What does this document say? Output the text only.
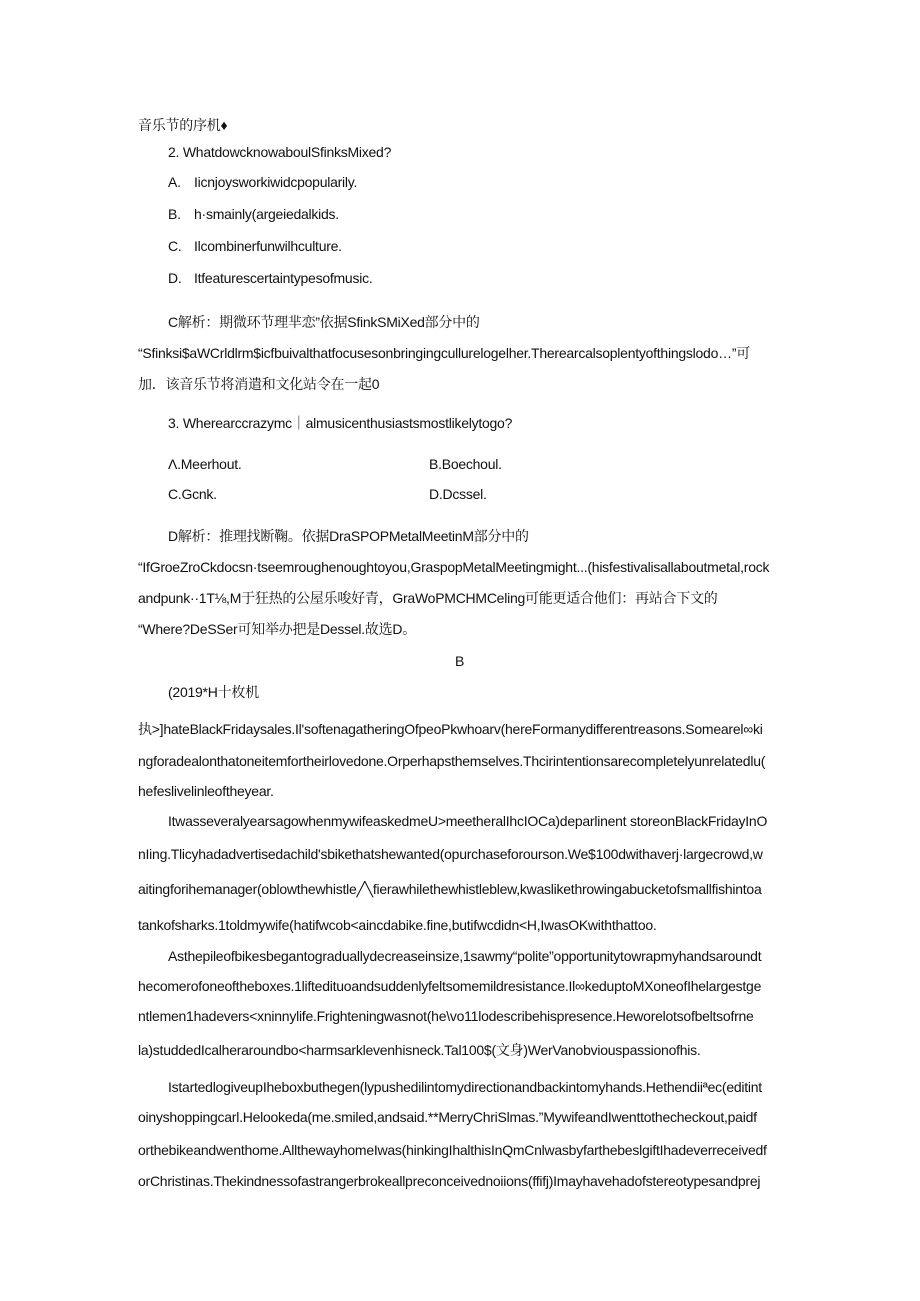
音乐节的序机♦
2. WhatdowcknowaboulSfinksMixed?
A. Iicnjoysworkiwidcpopularily.
B. h·smainly(argeiedalkids.
C. Ilcombinerfunwilhculture.
D. Itfeaturescertaintypesofmusic.
C解析：期微环节理芈恋”依据SfinkSMiXed部分中的
“Sfinksi$aWCrldlrm$icfbuivalthatfocusesonbringingcullurelogelher.Therearcalsoplentyofthingslodo…”可
加．该音乐节将消遣和文化站令在一起0
3. Wherearccrazymc｜almusicenthusiastsmostlikelytogo?
Λ.Meerhout.	B.Boechoul.
C.Gcnk.	D.Dcssel.
D解析：推理找断鞠。依据DraSPOPMetalMeetinM部分中的
“IfGroeZroCkdocsn·tseemroughenoughtoyou,GraspopMetalMeetingmight...(hisfestivalisallaboutmetal,rock
andpunk··1T⅛,M于狂热的公屋乐唆好青，GraWoPMCHMCeling可能更适合他们：再站合下文的
“Where?DeSSer可知举办把是Dessel.故选D。
B
(2019*H十枚机
执>]hateBlackFridaysales.Il'softenagatheringOfpeoPkwhoarv(hereFormanydifferentreasons.Somearel∞ki
ngforadealonthatoneitemfortheirlovedone.Orperhapsthemselves.Thcirintentionsarecompletelyunrelatedlu(
hefeslivelinleoftheyear.
ItwasseveralyearsagowhenmywifeaskedmeU>meetheralIhcIOCa)deparlinent storeonBlackFridayInO
nIing.Tlicyhadadvertisedachild'sbikethatshewanted(opurchaseforourson.We$100dwithaverj·largecrowd,w
aitingforihemanager(oblowthewhistle╱╲fierawhilethewhistleblew,kwaslikethrowingabucketofsmallfishintoa
tankofsharks.1toldmywife(hatifwcob<aincdabike.fine,butifwcdidn<H,IwasOKwiththattoo.
Asthepileofbikesbegantograduallydecreaseinsize,1sawmy“polite”opportunitytowrapmyhandsaroundt
hecomerofoneoftheboxes.1liftedituoandsuddenlyfeltsomemildresistance.Il∞keduptoMXoneofIhelargestge
ntlemen1hadevers<xninnylife.Frighteningwasnot(he\vo11lodescribehispresence.Heworelotsofbeltsofrne
la)studdedIcalheraroundbo<harmsarklevenhisneck.Tal100$(文身)WerVanobviouspassionofhis.
IstartedlogiveupIheboxbuthegen(lypushedilintomydirectionandbackintomyhands.Hethendiiªec(editint
oinyshoppingcarl.Helookeda(me.smiled,andsaid.**MerryChriSlmas.”MywifeandIwenttothecheckout,paidf
orthebikeandwenthome.AllthewayhomeIwas(hinkingIhalthisInQmCnlwasbyfarthebeslgiftIhadeverreceivedf
orChristinas.Thekindnessofastrangerbrokeallpreconceivednoiions(ffifj)Imayhavehadofstereotypesandprej
